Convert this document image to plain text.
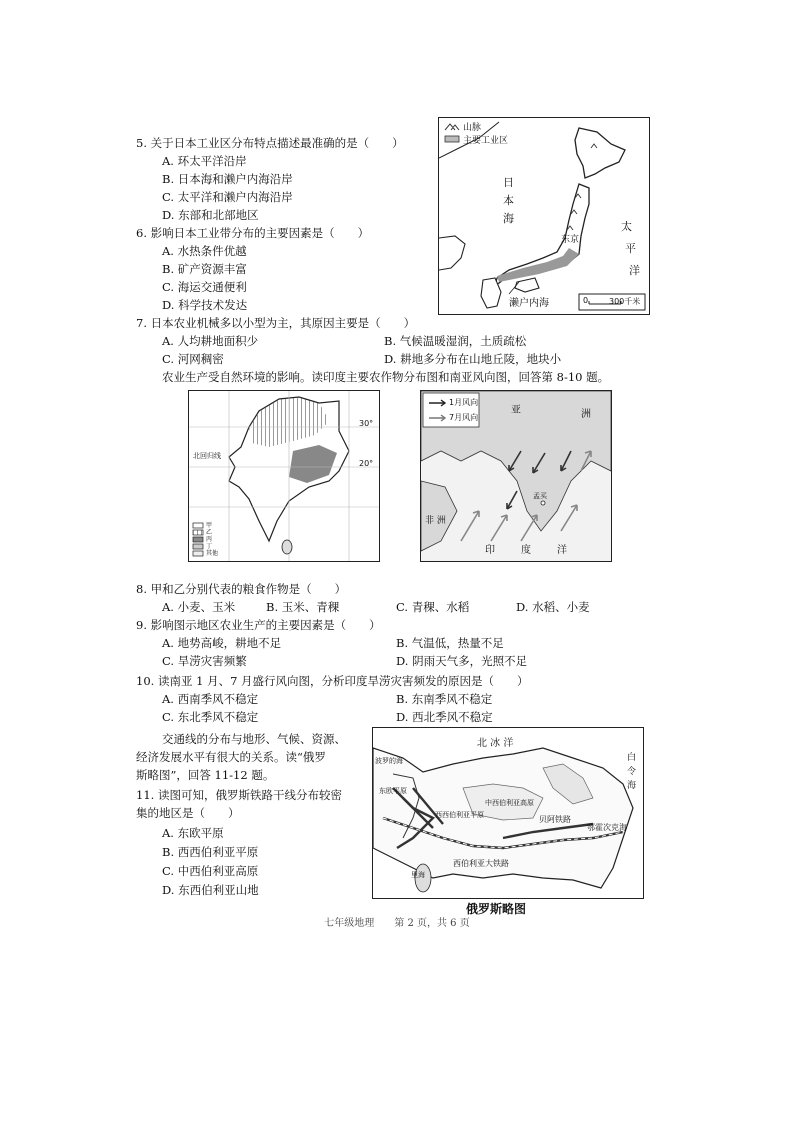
5. 关于日本工业区分布特点描述最准确的是（　　）
A. 环太平洋沿岸
B. 日本海和濑户内海沿岸
C. 太平洋和濑户内海沿岸
D. 东部和北部地区
6. 影响日本工业带分布的主要因素是（　　）
A. 水热条件优越
B. 矿产资源丰富
C. 海运交通便利
D. 科学技术发达
7. 日本农业机械多以小型为主，其原因主要是（　　）
A. 人均耕地面积少	B. 气候温暖湿润，土质疏松
C. 河网稠密	D. 耕地多分布在山地丘陵，地块小
山脉
主要工业区
日
本
海
太
平
洋
东京
濑户内海	0	300千米
农业生产受自然环境的影响。读印度主要农作物分布图和南亚风向图，回答第 8-10 题。
30°
20°
北回归线
甲
乙
丙
丁
其他
1月风向
7月风向
亚	洲
非 洲
孟买
印	度	洋
8. 甲和乙分别代表的粮食作物是（　　）
A. 小麦、玉米	B. 玉米、青稞	C. 青稞、水稻	D. 水稻、小麦
9. 影响图示地区农业生产的主要因素是（　　）
A. 地势高峻，耕地不足	B. 气温低，热量不足
C. 旱涝灾害频繁	D. 阴雨天气多，光照不足
10. 读南亚 1 月、7 月盛行风向图，分析印度旱涝灾害频发的原因是（　　）
A. 西南季风不稳定	B. 东南季风不稳定
C. 东北季风不稳定	D. 西北季风不稳定
交通线的分布与地形、气候、资源、
经济发展水平有很大的关系。读“俄罗
斯略图”，回答 11-12 题。
11. 读图可知，俄罗斯铁路干线分布较密
集的地区是（　　）
A. 东欧平原
B. 西西伯利亚平原
C. 中西伯利亚高原
D. 东西伯利亚山地
北 冰 洋
白
令
海
鄂霍次克海
中西伯利亚高原
西西伯利亚平原
东欧平原
波罗的海
里海
西伯利亚大铁路
贝阿铁路
俄罗斯略图
七年级地理　　第 2 页，共 6 页
